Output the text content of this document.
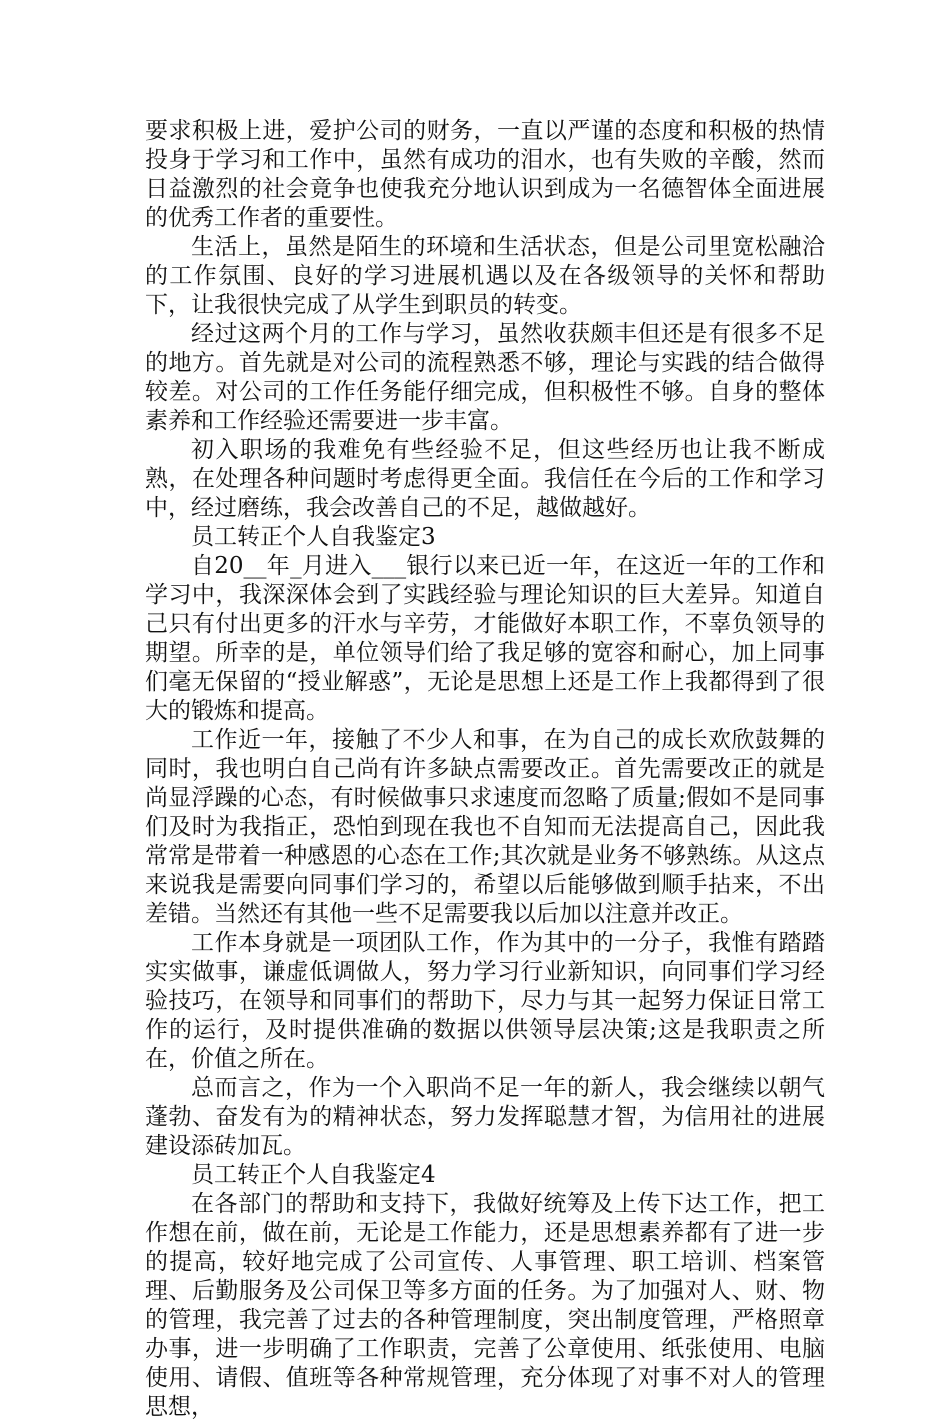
要求积极上进，爱护公司的财务，一直以严谨的态度和积极的热情投身于学习和工作中，虽然有成功的泪水，也有失败的辛酸，然而日益激烈的社会竟争也使我充分地认识到成为一名德智体全面进展的优秀工作者的重要性。

生活上，虽然是陌生的环境和生活状态，但是公司里宽松融洽的工作氛围、良好的学习进展机遇以及在各级领导的关怀和帮助下，让我很快完成了从学生到职员的转变。

经过这两个月的工作与学习，虽然收获颇丰但还是有很多不足的地方。首先就是对公司的流程熟悉不够，理论与实践的结合做得较差。对公司的工作任务能仔细完成，但积极性不够。自身的整体素养和工作经验还需要进一步丰富。

初入职场的我难免有些经验不足，但这些经历也让我不断成熟，在处理各种问题时考虑得更全面。我信任在今后的工作和学习中，经过磨练，我会改善自己的不足，越做越好。

员工转正个人自我鉴定3

自20__年_月进入___银行以来已近一年，在这近一年的工作和学习中，我深深体会到了实践经验与理论知识的巨大差异。知道自己只有付出更多的汗水与辛劳，才能做好本职工作，不辜负领导的期望。所幸的是，单位领导们给了我足够的宽容和耐心，加上同事们毫无保留的“授业解惑”，无论是思想上还是工作上我都得到了很大的锻炼和提高。

工作近一年，接触了不少人和事，在为自己的成长欢欣鼓舞的同时，我也明白自己尚有许多缺点需要改正。首先需要改正的就是尚显浮躁的心态，有时候做事只求速度而忽略了质量;假如不是同事们及时为我指正，恐怕到现在我也不自知而无法提高自己，因此我常常是带着一种感恩的心态在工作;其次就是业务不够熟练。从这点来说我是需要向同事们学习的，希望以后能够做到顺手拈来，不出差错。当然还有其他一些不足需要我以后加以注意并改正。

工作本身就是一项团队工作，作为其中的一分子，我惟有踏踏实实做事，谦虚低调做人，努力学习行业新知识，向同事们学习经验技巧，在领导和同事们的帮助下，尽力与其一起努力保证日常工作的运行，及时提供准确的数据以供领导层决策;这是我职责之所在，价值之所在。

总而言之，作为一个入职尚不足一年的新人，我会继续以朝气蓬勃、奋发有为的精神状态，努力发挥聪慧才智，为信用社的进展建设添砖加瓦。

员工转正个人自我鉴定4

在各部门的帮助和支持下，我做好统筹及上传下达工作，把工作想在前，做在前，无论是工作能力，还是思想素养都有了进一步的提高，较好地完成了公司宣传、人事管理、职工培训、档案管理、后勤服务及公司保卫等多方面的任务。为了加强对人、财、物的管理，我完善了过去的各种管理制度，突出制度管理，严格照章办事，进一步明确了工作职责，完善了公章使用、纸张使用、电脑使用、请假、值班等各种常规管理，充分体现了对事不对人的管理思想，
